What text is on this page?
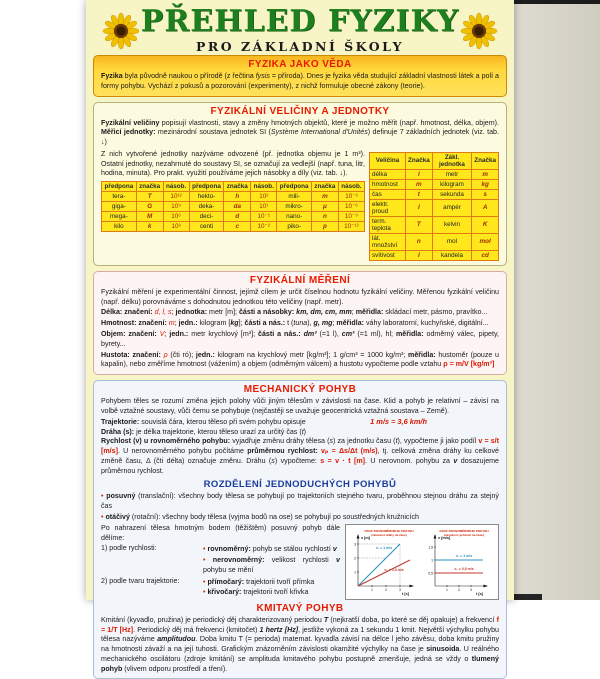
PŘEHLED FYZIKY
PRO ZÁKLADNÍ ŠKOLY
FYZIKA JAKO VĚDA
Fyzika byla původně naukou o přírodě (z řečtina fysis = příroda). Dnes je fyzika věda studující základní vlastnosti látek a polí a formy pohybu. Vychází z pokusů a pozorování (experimenty), z nichž formuluje obecné zákony (teorie).
FYZIKÁLNÍ VELIČINY A JEDNOTKY
Fyzikální veličiny popisují vlastnosti, stavy a změny hmotných objektů, které je možno měřit (např. hmotnost, délka, objem). Měřicí jednotky: mezinárodní soustava jednotek SI (Système International d'Unités) definuje 7 základních jednotek (viz. tab. ↓)
Z nich vytvořené jednotky nazýváme odvozené (př. jednotka objemu je 1 m³). Ostatní jednotky, nezahrnuté do soustavy SI, se označují za vedlejší (např. tuna, litr, hodina, minuta). Pro prakt. využití používáme jejich násobky a díly (viz. tab. ↓).
předpona	značka	násob.	předpona	značka	násob.	předpona	značka	násob.
tera-	T	10¹²	hekto-	h	10²	mili-	m	10⁻³
giga-	G	10⁹	deka-	da	10¹	mikro-	μ	10⁻⁶
mega-	M	10⁶	deci-	d	10⁻¹	nano-	n	10⁻⁹
kilo	k	10³	centi	c	10⁻²	piko-	p	10⁻¹²
Veličina	Značka	Zákl. jednotka	Značka
délka	l	metr	m
hmotnost	m	kilogram	kg
čas	t	sekunda	s
elektr. proud	I	ampér	A
term. teplota	T	kelvin	K
lát. množství	n	mol	mol
svítivost	I	kandela	cd
FYZIKÁLNÍ MĚŘENÍ
Fyzikální měření je experimentální činnost, jejímž cílem je určit číselnou hodnotu fyzikální veličiny. Měřenou fyzikální veličinu (např. délku) porovnáváme s dohodnutou jednotkou této veličiny (např. metr).
Délka: značení: d, l, s; jednotka: metr [m]; části a násobky: km, dm, cm, mm; měřidla: skládací metr, pásmo, pravítko...
Hmotnost: značení: m; jedn.: kilogram [kg]; části a nás.: t (tuna), g, mg; měřidla: váhy laboratorní, kuchyňské, digitální...
Objem: značení: V; jedn.: metr krychlový [m³]; části a nás.: dm³ (=1 l), cm³ (=1 ml), hl; měřidla: odměrný válec, pipety, byrety...
Hustota: značení: ρ (čti ró); jedn.: kilogram na krychlový metr [kg/m³]; 1 g/cm³ = 1000 kg/m³; měřidla: hustoměr (pouze u kapalin), nebo změříme hmotnost (vážením) a objem (odměrným válcem) a hustotu vypočteme podle vztahu ρ = m/V [kg/m³]
MECHANICKÝ POHYB
Pohybem těles se rozumí změna jejich polohy vůči jiným tělesům v závislosti na čase. Klid a pohyb je relativní – závisí na volbě vztažné soustavy, vůči čemu se pohybuje (nejčastěji se uvažuje geocentrická vztažná soustava – Země).
Trajektorie: souvislá čára, kterou těleso při svém pohybu opisuje	1 m/s = 3,6 km/h
Dráha (s): je délka trajektorie, kterou těleso urazí za určitý čas (t)
Rychlost (v) u rovnoměrného pohybu: vyjadřuje změnu dráhy tělesa (s) za jednotku času (t), vypočteme ji jako podíl v = s/t [m/s]. U nerovnoměrného pohybu počítáme průměrnou rychlost: vₚ = Δs/Δt (m/s), tj. celková změna dráhy ku celkové změně času, Δ (čti délta) označuje změnu. Dráhu (s) vypočteme: s = v · t [m]. U nerovnom. pohybu za v dosazujeme průměrnou rychlost.
ROZDĚLENÍ JEDNODUCHÝCH POHYBŮ
• posuvný (translační): všechny body tělesa se pohybují po trajektoriích stejného tvaru, proběhnou stejnou dráhu za stejný čas
• otáčivý (rotační): všechny body tělesa (vyjma bodů na ose) se pohybují po soustředných kružnicích
GRAF ROVNOMĚRNÉHO POHYBU
(závislost dráhy na čase)
s [m]
t [s]
1
2
3
1	2	3
v₁ = 1 m/s
v₂ = 0,5 m/s
GRAF ROVNOMĚRNÉHO POHYBU
(závislost rychlosti na čase)
v [m/s]
t [s]
0,5
1
1,5
1	2	3
v₁ = 1 m/s
v₂ = 0,5 m/s
Po nahrazení tělesa hmotným bodem (těžištěm) posuvný pohyb dále dělíme:
1) podle rychlosti:	• rovnoměrný: pohyb se stálou rychlostí v
• nerovnoměrný: velikost rychlosti v pohybu se mění
2) podle tvaru trajektorie:	• přímočarý: trajektorii tvoří přímka
• křivočarý: trajektorii tvoří křivka
KMITAVÝ POHYB
Kmitání (kyvadlo, pružina) je periodický děj charakterizovaný periodou T (nejkratší doba, po které se děj opakuje) a frekvencí f = 1/T [Hz]. Periodický děj má frekvenci (kmitočet) 1 hertz [Hz], jestliže vykoná za 1 sekundu 1 kmit. Největší výchylku pohybu tělesa nazýváme amplitudou. Doba kmitu T (= perioda) matemat. kyvadla závisí na délce l jeho závěsu, doba kmitu pružiny na hmotnosti závaží a na její tuhosti. Grafickým znázorněním závislosti okamžité výchylky na čase je sinusoida. U reálného mechanického oscilátoru (zdroje kmitání) se amplituda kmitavého pohybu postupně zmenšuje, jedná se vždy o tlumený pohyb (vlivem odporu prostředí a tření).
